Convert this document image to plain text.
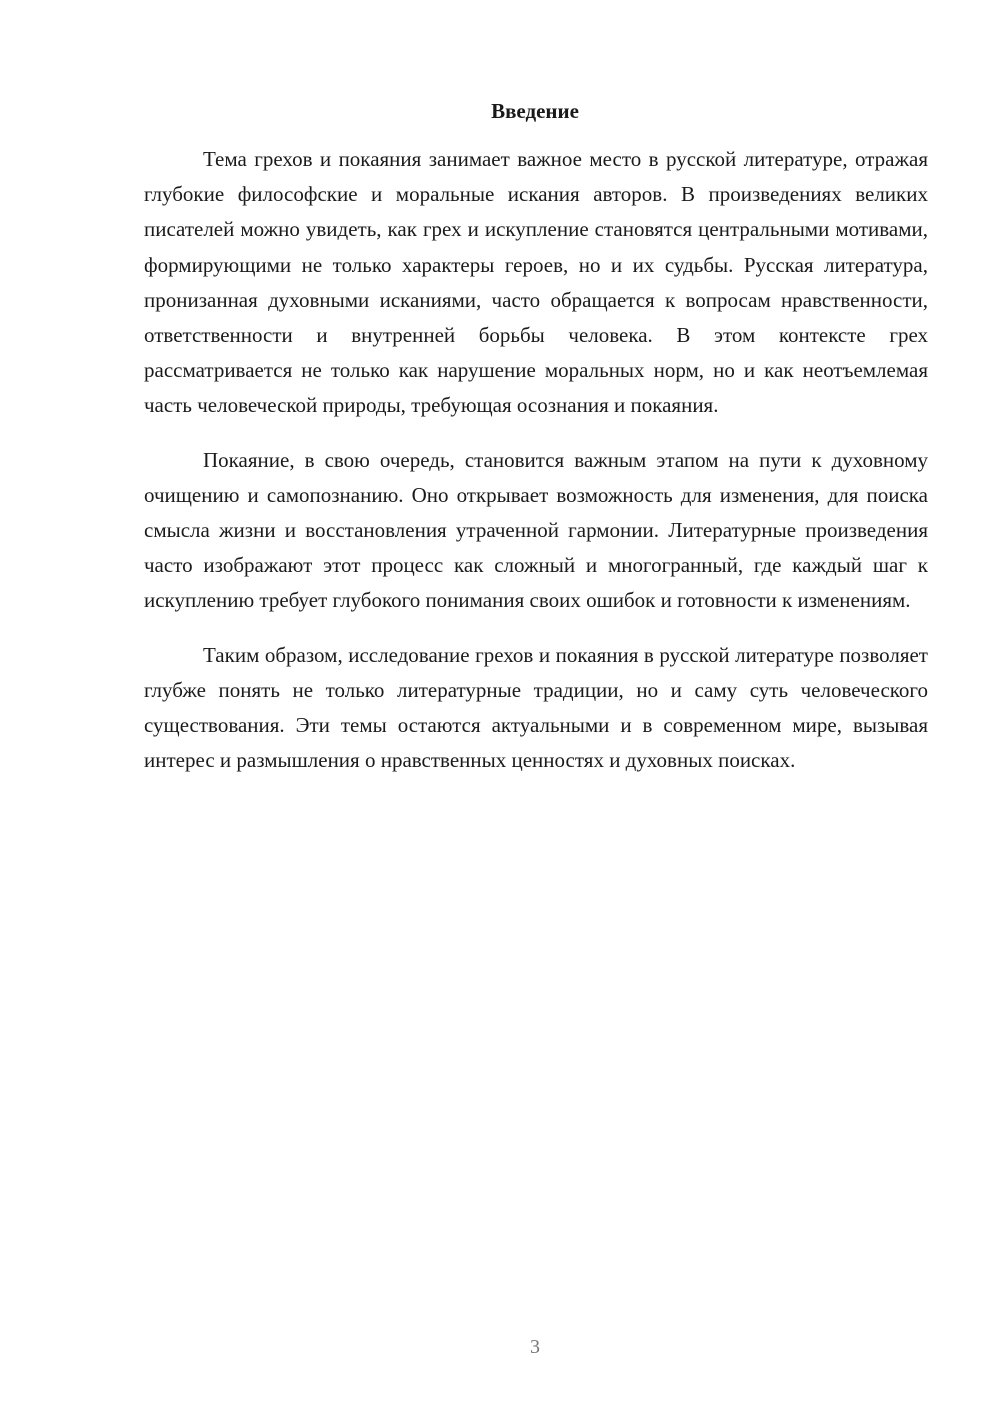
Введение

Тема грехов и покаяния занимает важное место в русской литературе, отражая глубокие философские и моральные искания авторов. В произведениях великих писателей можно увидеть, как грех и искупление становятся центральными мотивами, формирующими не только характеры героев, но и их судьбы. Русская литература, пронизанная духовными исканиями, часто обращается к вопросам нравственности, ответственности и внутренней борьбы человека. В этом контексте грех рассматривается не только как нарушение моральных норм, но и как неотъемлемая часть человеческой природы, требующая осознания и покаяния.

Покаяние, в свою очередь, становится важным этапом на пути к духовному очищению и самопознанию. Оно открывает возможность для изменения, для поиска смысла жизни и восстановления утраченной гармонии. Литературные произведения часто изображают этот процесс как сложный и многогранный, где каждый шаг к искуплению требует глубокого понимания своих ошибок и готовности к изменениям.

Таким образом, исследование грехов и покаяния в русской литературе позволяет глубже понять не только литературные традиции, но и саму суть человеческого существования. Эти темы остаются актуальными и в современном мире, вызывая интерес и размышления о нравственных ценностях и духовных поисках.

3
